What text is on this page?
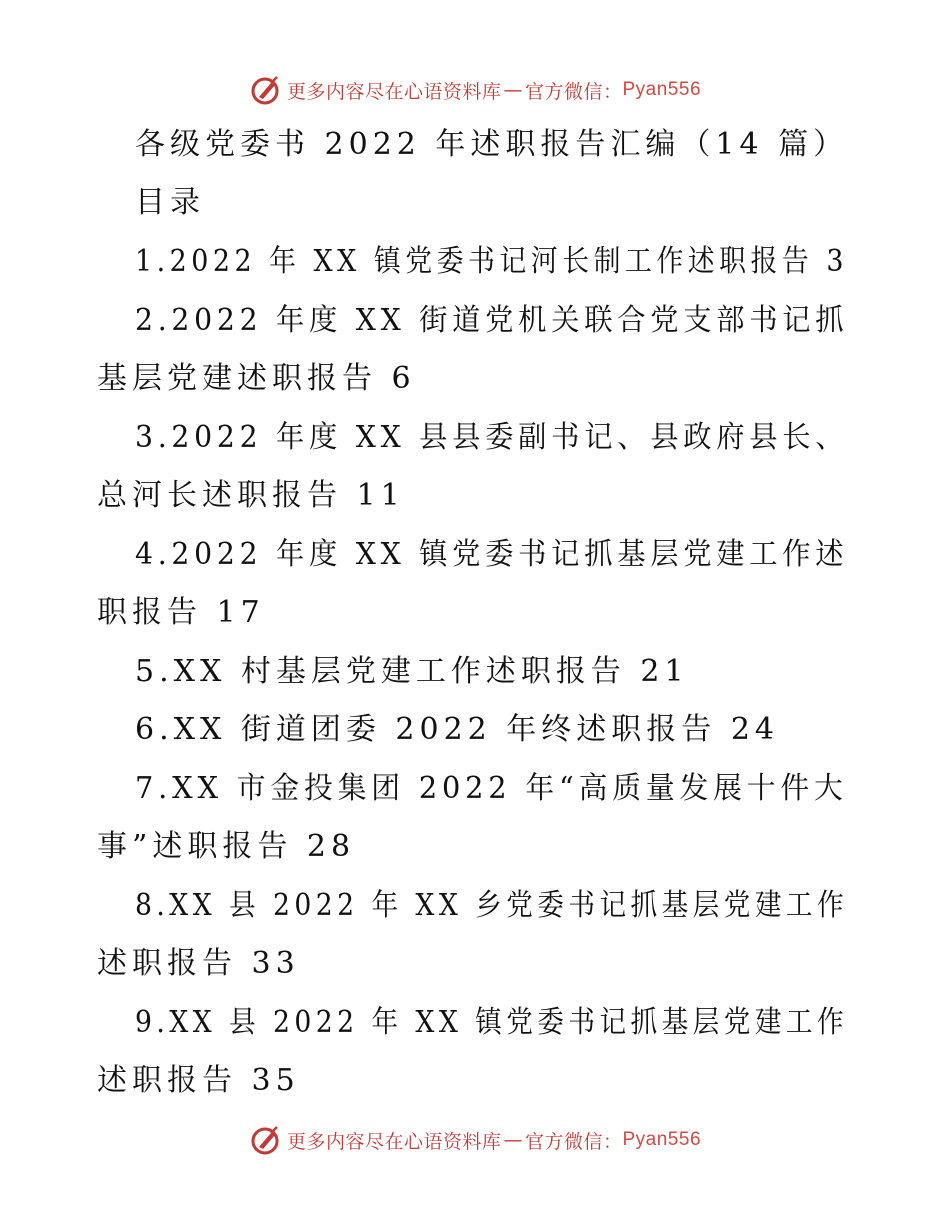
更多内容尽在心语资料库 — 官方微信： Pyan556
各级党委书 2022 年述职报告汇编（14 篇）
目录
1.2022 年 XX 镇党委书记河长制工作述职报告 3
2.2022 年度 XX 街道党机关联合党支部书记抓
基层党建述职报告 6
3.2022 年度 XX 县县委副书记、县政府县长、
总河长述职报告 11
4.2022 年度 XX 镇党委书记抓基层党建工作述
职报告 17
5.XX 村基层党建工作述职报告 21
6.XX 街道团委 2022 年终述职报告 24
7.XX 市金投集团 2022 年“高质量发展十件大
事”述职报告 28
8.XX 县 2022 年 XX 乡党委书记抓基层党建工作
述职报告 33
9.XX 县 2022 年 XX 镇党委书记抓基层党建工作
述职报告 35
更多内容尽在心语资料库 — 官方微信： Pyan556
